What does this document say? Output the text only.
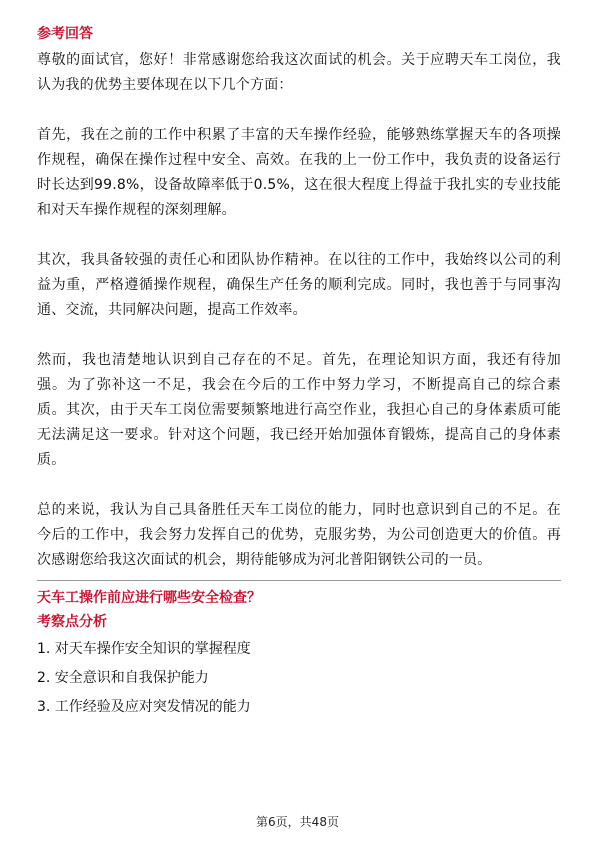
参考回答

尊敬的面试官，您好！非常感谢您给我这次面试的机会。关于应聘天车工岗位，我认为我的优势主要体现在以下几个方面：

首先，我在之前的工作中积累了丰富的天车操作经验，能够熟练掌握天车的各项操作规程，确保在操作过程中安全、高效。在我的上一份工作中，我负责的设备运行时长达到99.8%，设备故障率低于0.5%，这在很大程度上得益于我扎实的专业技能和对天车操作规程的深刻理解。

其次，我具备较强的责任心和团队协作精神。在以往的工作中，我始终以公司的利益为重，严格遵循操作规程，确保生产任务的顺利完成。同时，我也善于与同事沟通、交流，共同解决问题，提高工作效率。

然而，我也清楚地认识到自己存在的不足。首先，在理论知识方面，我还有待加强。为了弥补这一不足，我会在今后的工作中努力学习，不断提高自己的综合素质。其次，由于天车工岗位需要频繁地进行高空作业，我担心自己的身体素质可能无法满足这一要求。针对这个问题，我已经开始加强体育锻炼，提高自己的身体素质。

总的来说，我认为自己具备胜任天车工岗位的能力，同时也意识到自己的不足。在今后的工作中，我会努力发挥自己的优势，克服劣势，为公司创造更大的价值。再次感谢您给我这次面试的机会，期待能够成为河北普阳钢铁公司的一员。

天车工操作前应进行哪些安全检查？

考察点分析

1. 对天车操作安全知识的掌握程度
2. 安全意识和自我保护能力
3. 工作经验及应对突发情况的能力
第6页，共48页
